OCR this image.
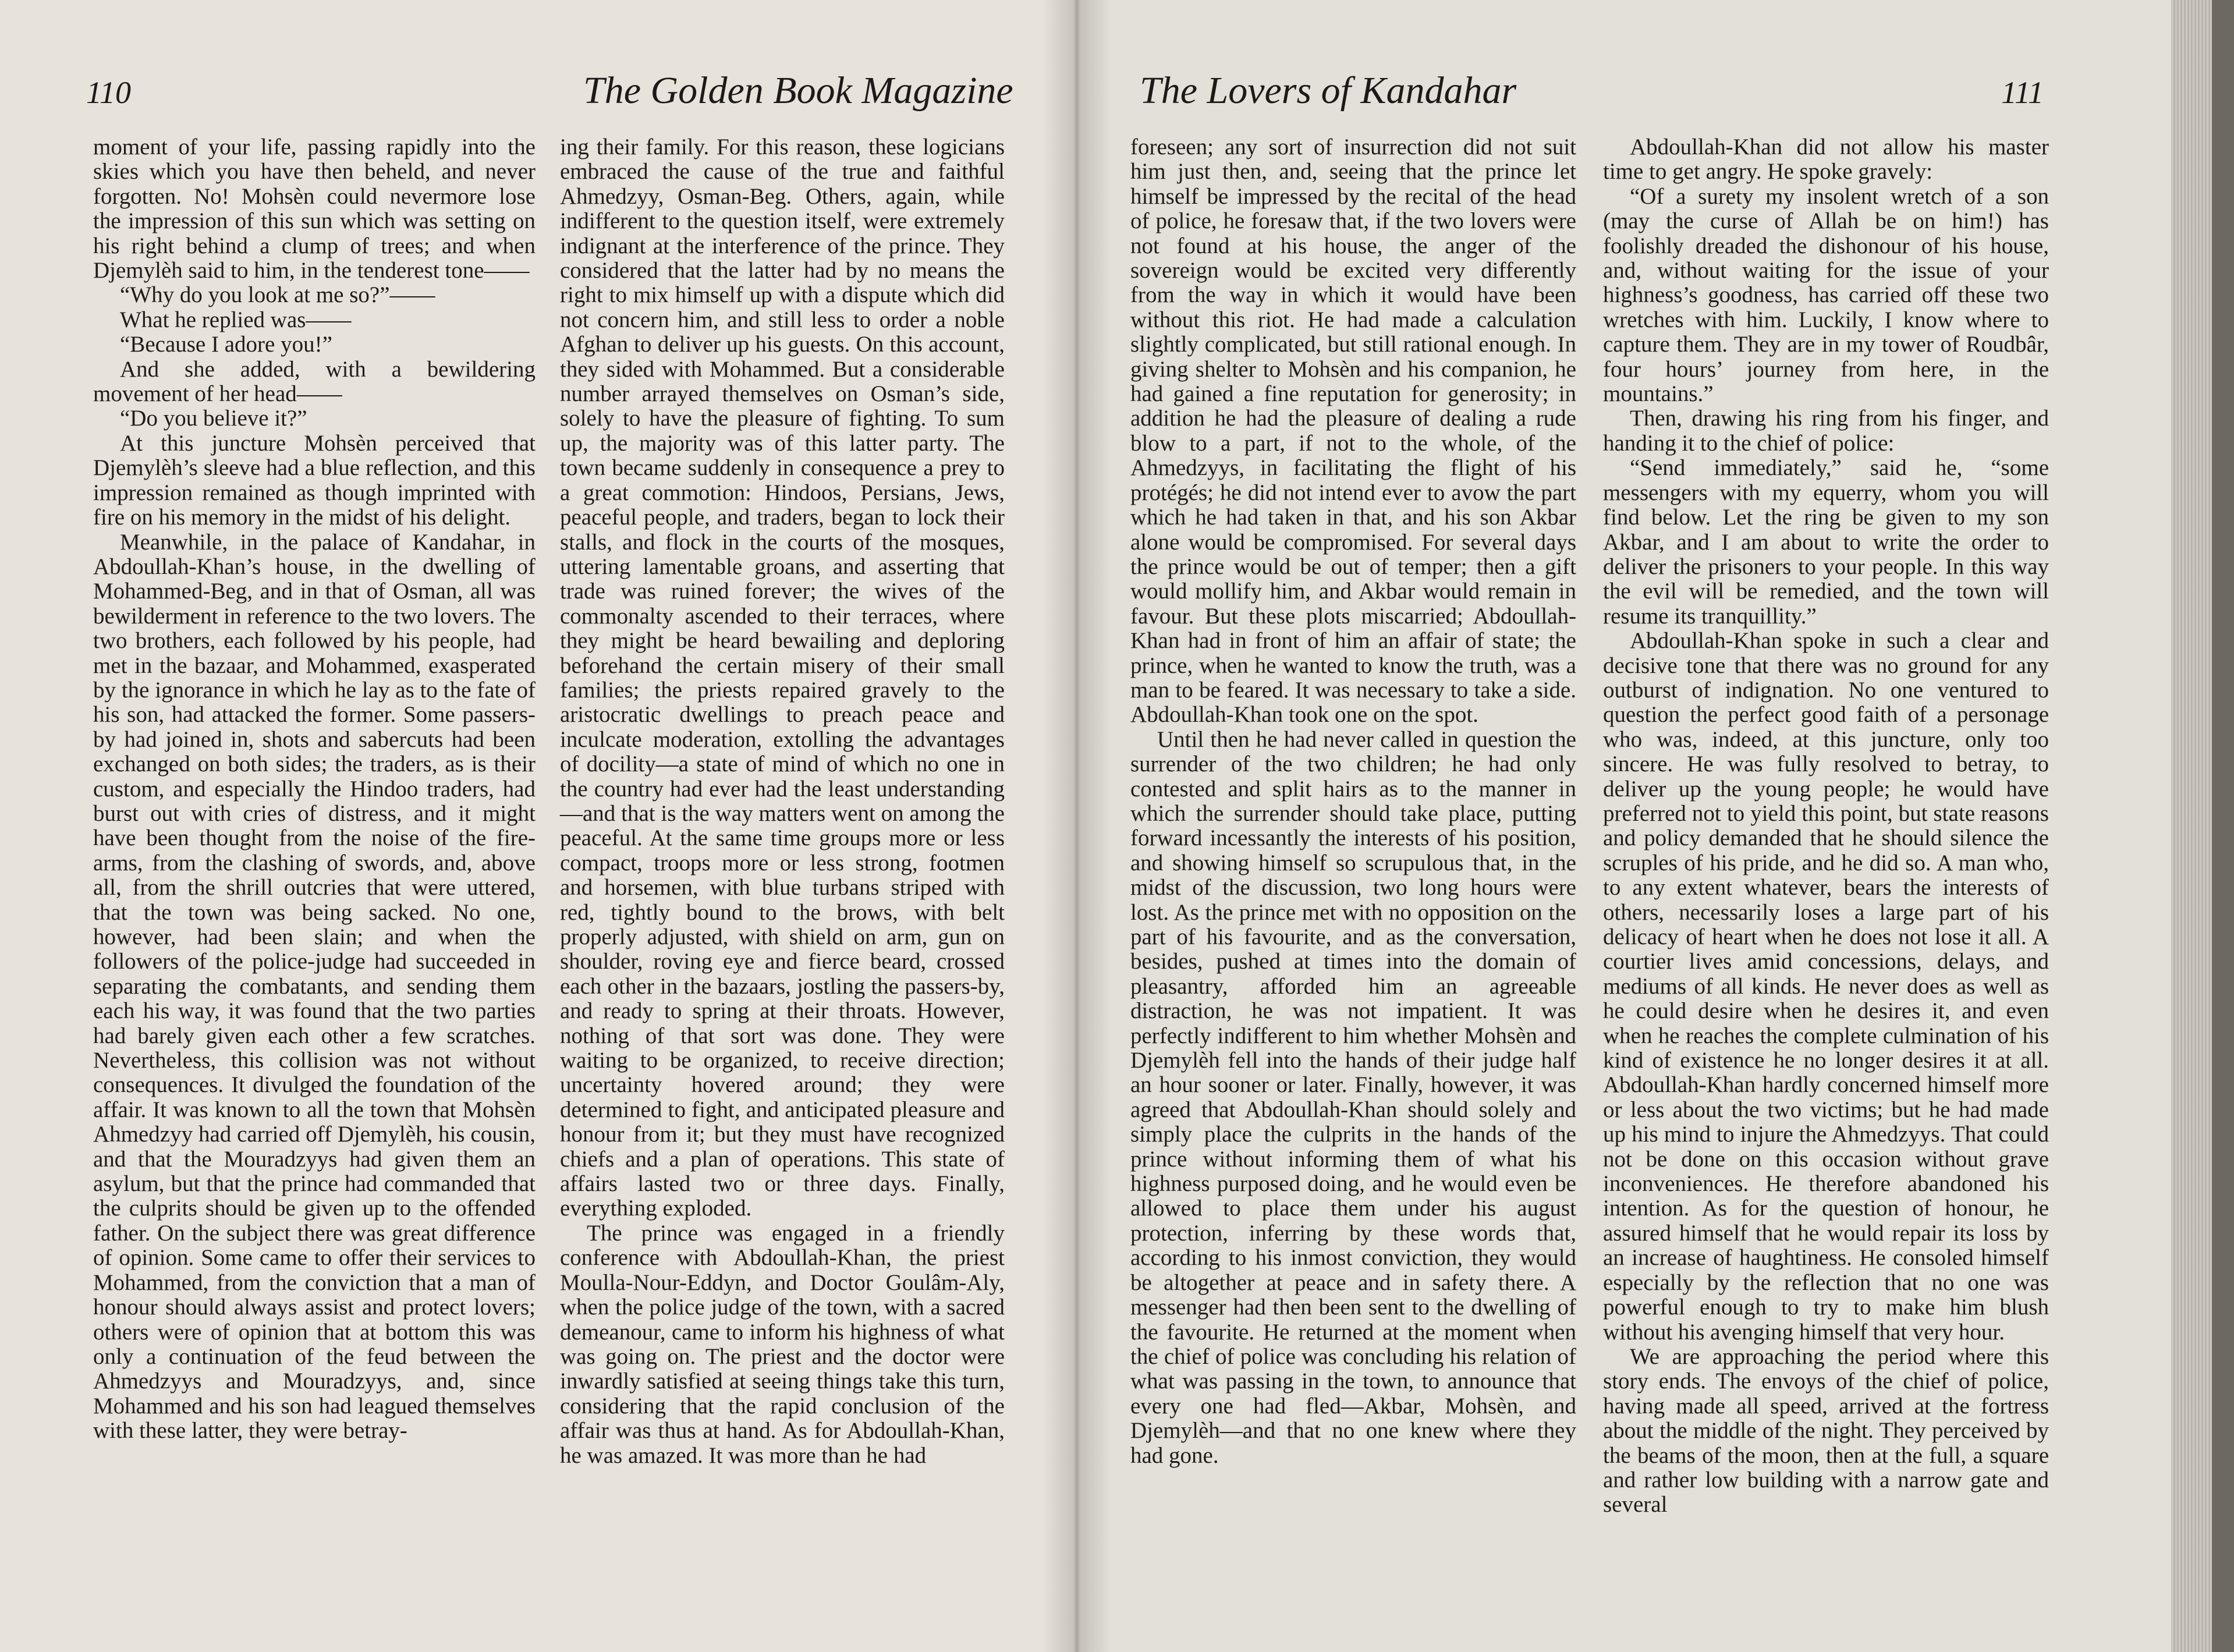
110	The Golden Book Magazine

moment of your life, passing rapidly into the skies which you have then beheld, and never forgotten. No! Mohsèn could nevermore lose the impression of this sun which was setting on his right behind a clump of trees; and when Djemylèh said to him, in the tenderest tone——

“Why do you look at me so?”——

What he replied was——

“Because I adore you!”

And she added, with a bewildering movement of her head——

“Do you believe it?”

At this juncture Mohsèn perceived that Djemylèh’s sleeve had a blue reflection, and this impression remained as though imprinted with fire on his memory in the midst of his delight.

Meanwhile, in the palace of Kandahar, in Abdoullah-Khan’s house, in the dwelling of Mohammed-Beg, and in that of Osman, all was bewilderment in reference to the two lovers. The two brothers, each followed by his people, had met in the bazaar, and Mohammed, exasperated by the ignorance in which he lay as to the fate of his son, had attacked the former. Some passers-by had joined in, shots and sabercuts had been exchanged on both sides; the traders, as is their custom, and especially the Hindoo traders, had burst out with cries of distress, and it might have been thought from the noise of the fire-arms, from the clashing of swords, and, above all, from the shrill outcries that were uttered, that the town was being sacked. No one, however, had been slain; and when the followers of the police-judge had succeeded in separating the combatants, and sending them each his way, it was found that the two parties had barely given each other a few scratches. Nevertheless, this collision was not without consequences. It divulged the foundation of the affair. It was known to all the town that Mohsèn Ahmedzyy had carried off Djemylèh, his cousin, and that the Mouradzyys had given them an asylum, but that the prince had commanded that the culprits should be given up to the offended father. On the subject there was great difference of opinion. Some came to offer their services to Mohammed, from the conviction that a man of honour should always assist and protect lovers; others were of opinion that at bottom this was only a continuation of the feud between the Ahmedzyys and Mouradzyys, and, since Mohammed and his son had leagued themselves with these latter, they were betray-

ing their family. For this reason, these logicians embraced the cause of the true and faithful Ahmedzyy, Osman-Beg. Others, again, while indifferent to the question itself, were extremely indignant at the interference of the prince. They considered that the latter had by no means the right to mix himself up with a dispute which did not concern him, and still less to order a noble Afghan to deliver up his guests. On this account, they sided with Mohammed. But a considerable number arrayed themselves on Osman’s side, solely to have the pleasure of fighting. To sum up, the majority was of this latter party. The town became suddenly in consequence a prey to a great commotion: Hindoos, Persians, Jews, peaceful people, and traders, began to lock their stalls, and flock in the courts of the mosques, uttering lamentable groans, and asserting that trade was ruined forever; the wives of the commonalty ascended to their terraces, where they might be heard bewailing and deploring beforehand the certain misery of their small families; the priests repaired gravely to the aristocratic dwellings to preach peace and inculcate moderation, extolling the advantages of docility—a state of mind of which no one in the country had ever had the least understanding—and that is the way matters went on among the peaceful. At the same time groups more or less compact, troops more or less strong, footmen and horsemen, with blue turbans striped with red, tightly bound to the brows, with belt properly adjusted, with shield on arm, gun on shoulder, roving eye and fierce beard, crossed each other in the bazaars, jostling the passers-by, and ready to spring at their throats. However, nothing of that sort was done. They were waiting to be organized, to receive direction; uncertainty hovered around; they were determined to fight, and anticipated pleasure and honour from it; but they must have recognized chiefs and a plan of operations. This state of affairs lasted two or three days. Finally, everything exploded.

The prince was engaged in a friendly conference with Abdoullah-Khan, the priest Moulla-Nour-Eddyn, and Doctor Goulâm-Aly, when the police judge of the town, with a sacred demeanour, came to inform his highness of what was going on. The priest and the doctor were inwardly satisfied at seeing things take this turn, considering that the rapid conclusion of the affair was thus at hand. As for Abdoullah-Khan, he was amazed. It was more than he had

The Lovers of Kandahar	111

foreseen; any sort of insurrection did not suit him just then, and, seeing that the prince let himself be impressed by the recital of the head of police, he foresaw that, if the two lovers were not found at his house, the anger of the sovereign would be excited very differently from the way in which it would have been without this riot. He had made a calculation slightly complicated, but still rational enough. In giving shelter to Mohsèn and his companion, he had gained a fine reputation for generosity; in addition he had the pleasure of dealing a rude blow to a part, if not to the whole, of the Ahmedzyys, in facilitating the flight of his protégés; he did not intend ever to avow the part which he had taken in that, and his son Akbar alone would be compromised. For several days the prince would be out of temper; then a gift would mollify him, and Akbar would remain in favour. But these plots miscarried; Abdoullah-Khan had in front of him an affair of state; the prince, when he wanted to know the truth, was a man to be feared. It was necessary to take a side. Abdoullah-Khan took one on the spot.

Until then he had never called in question the surrender of the two children; he had only contested and split hairs as to the manner in which the surrender should take place, putting forward incessantly the interests of his position, and showing himself so scrupulous that, in the midst of the discussion, two long hours were lost. As the prince met with no opposition on the part of his favourite, and as the conversation, besides, pushed at times into the domain of pleasantry, afforded him an agreeable distraction, he was not impatient. It was perfectly indifferent to him whether Mohsèn and Djemylèh fell into the hands of their judge half an hour sooner or later. Finally, however, it was agreed that Abdoullah-Khan should solely and simply place the culprits in the hands of the prince without informing them of what his highness purposed doing, and he would even be allowed to place them under his august protection, inferring by these words that, according to his inmost conviction, they would be altogether at peace and in safety there. A messenger had then been sent to the dwelling of the favourite. He returned at the moment when the chief of police was concluding his relation of what was passing in the town, to announce that every one had fled—Akbar, Mohsèn, and Djemylèh—and that no one knew where they had gone.

Abdoullah-Khan did not allow his master time to get angry. He spoke gravely:

“Of a surety my insolent wretch of a son (may the curse of Allah be on him!) has foolishly dreaded the dishonour of his house, and, without waiting for the issue of your highness’s goodness, has carried off these two wretches with him. Luckily, I know where to capture them. They are in my tower of Roudbâr, four hours’ journey from here, in the mountains.”

Then, drawing his ring from his finger, and handing it to the chief of police:

“Send immediately,” said he, “some messengers with my equerry, whom you will find below. Let the ring be given to my son Akbar, and I am about to write the order to deliver the prisoners to your people. In this way the evil will be remedied, and the town will resume its tranquillity.”

Abdoullah-Khan spoke in such a clear and decisive tone that there was no ground for any outburst of indignation. No one ventured to question the perfect good faith of a personage who was, indeed, at this juncture, only too sincere. He was fully resolved to betray, to deliver up the young people; he would have preferred not to yield this point, but state reasons and policy demanded that he should silence the scruples of his pride, and he did so. A man who, to any extent whatever, bears the interests of others, necessarily loses a large part of his delicacy of heart when he does not lose it all. A courtier lives amid concessions, delays, and mediums of all kinds. He never does as well as he could desire when he desires it, and even when he reaches the complete culmination of his kind of existence he no longer desires it at all. Abdoullah-Khan hardly concerned himself more or less about the two victims; but he had made up his mind to injure the Ahmedzyys. That could not be done on this occasion without grave inconveniences. He therefore abandoned his intention. As for the question of honour, he assured himself that he would repair its loss by an increase of haughtiness. He consoled himself especially by the reflection that no one was powerful enough to try to make him blush without his avenging himself that very hour.

We are approaching the period where this story ends. The envoys of the chief of police, having made all speed, arrived at the fortress about the middle of the night. They perceived by the beams of the moon, then at the full, a square and rather low building with a narrow gate and several
